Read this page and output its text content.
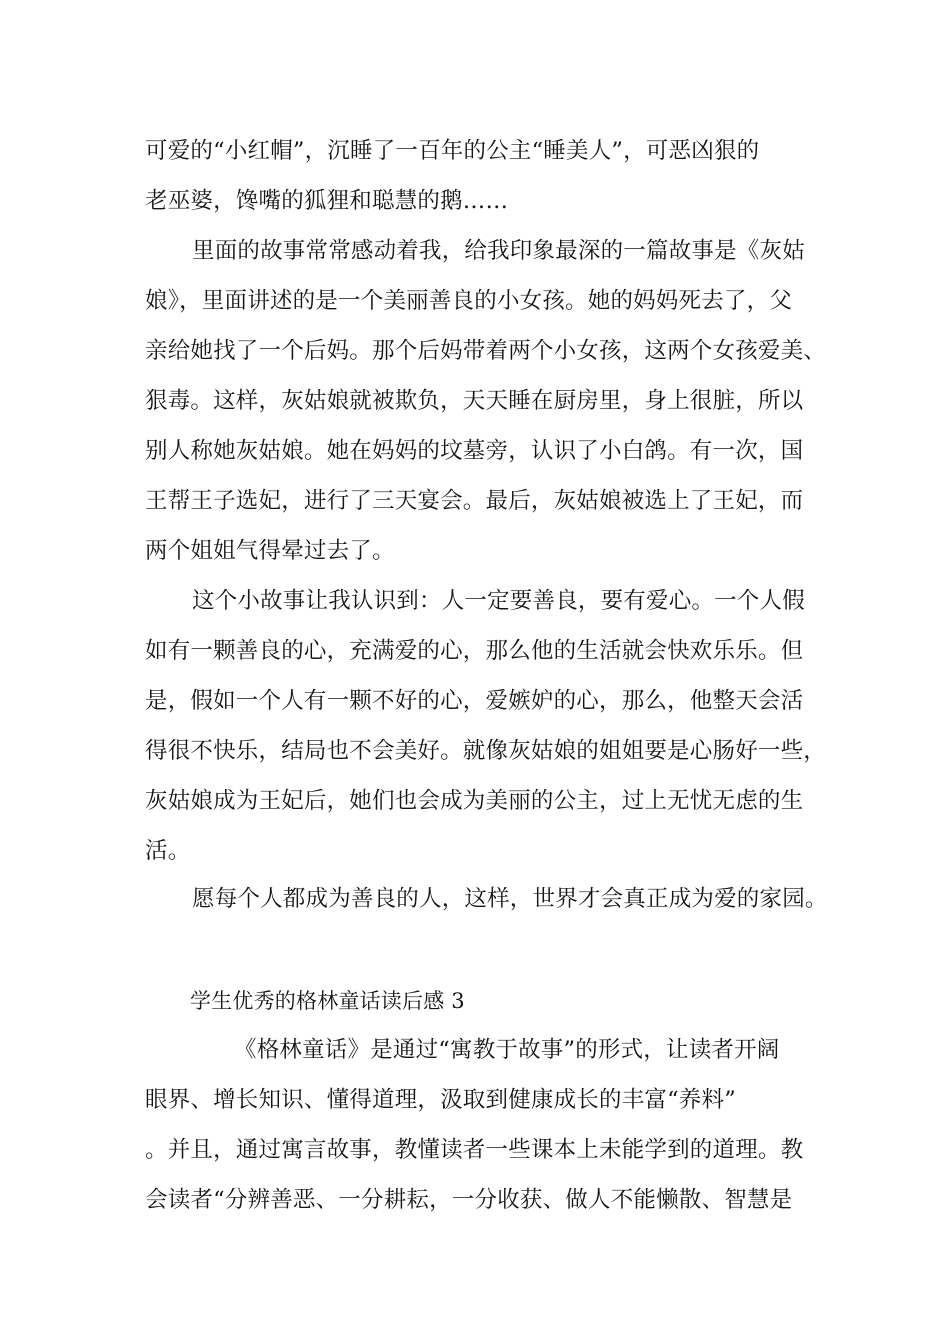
可爱的“小红帽”，沉睡了一百年的公主“睡美人”，可恶凶狠的
老巫婆，馋嘴的狐狸和聪慧的鹅……
里面的故事常常感动着我，给我印象最深的一篇故事是《灰姑
娘》，里面讲述的是一个美丽善良的小女孩。她的妈妈死去了，父
亲给她找了一个后妈。那个后妈带着两个小女孩，这两个女孩爱美、
狠毒。这样，灰姑娘就被欺负，天天睡在厨房里，身上很脏，所以
别人称她灰姑娘。她在妈妈的坟墓旁，认识了小白鸽。有一次，国
王帮王子选妃，进行了三天宴会。最后，灰姑娘被选上了王妃，而
两个姐姐气得晕过去了。
这个小故事让我认识到：人一定要善良，要有爱心。一个人假
如有一颗善良的心，充满爱的心，那么他的生活就会快欢乐乐。但
是，假如一个人有一颗不好的心，爱嫉妒的心，那么，他整天会活
得很不快乐，结局也不会美好。就像灰姑娘的姐姐要是心肠好一些，
灰姑娘成为王妃后，她们也会成为美丽的公主，过上无忧无虑的生
活。
愿每个人都成为善良的人，这样，世界才会真正成为爱的家园。
学生优秀的格林童话读后感 3
《格林童话》是通过“寓教于故事”的形式，让读者开阔
眼界、增长知识、懂得道理，汲取到健康成长的丰富“养料”
。并且，通过寓言故事，教懂读者一些课本上未能学到的道理。教
会读者“分辨善恶、一分耕耘，一分收获、做人不能懒散、智慧是
